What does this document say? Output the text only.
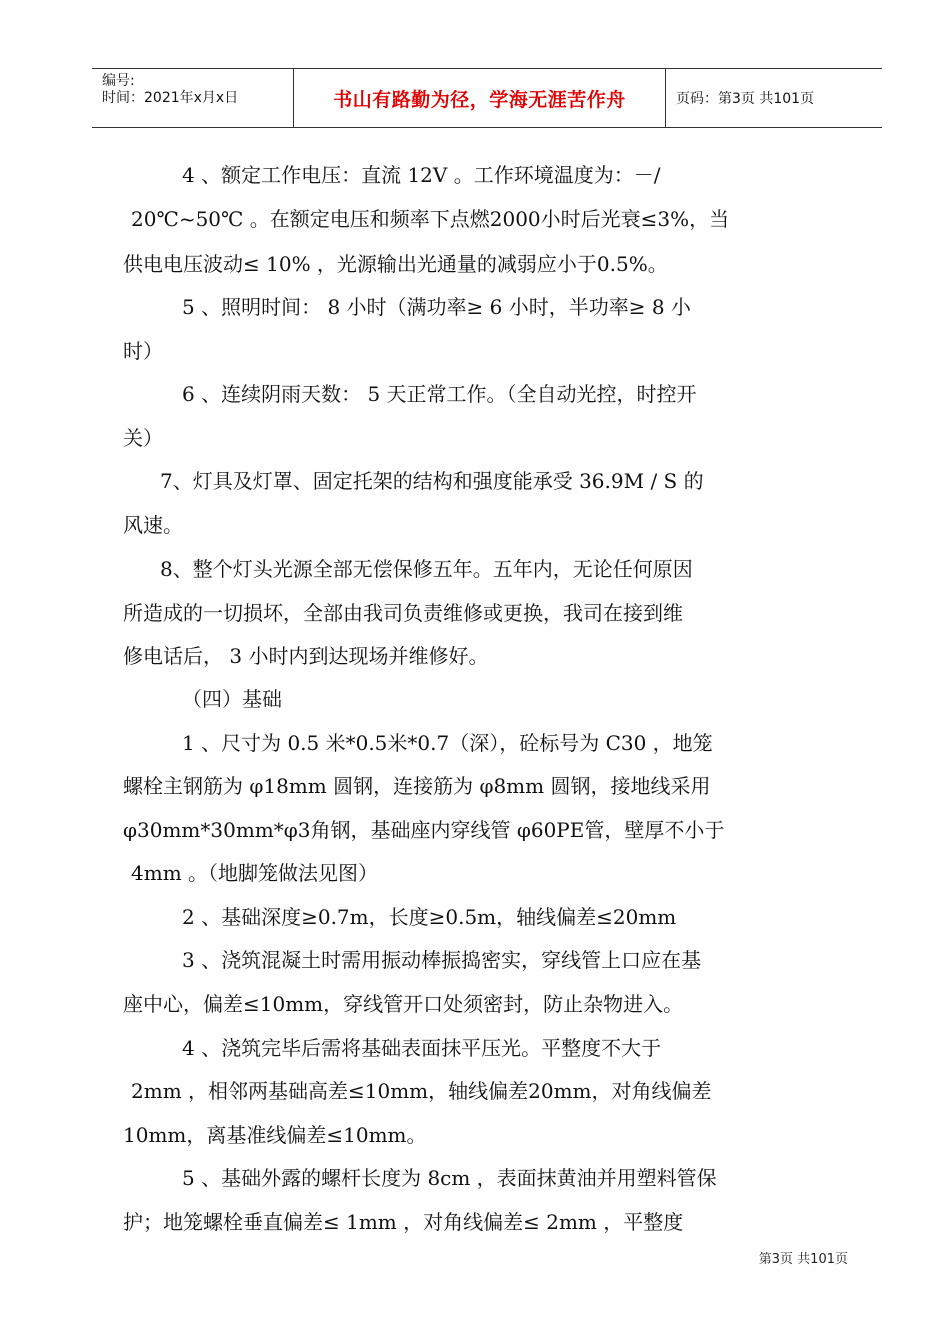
编号:
时间：2021年x月x日	书山有路勤为径，学海无涯苦作舟	页码：第3页 共101页
4 、额定工作电压：直流 12V 。工作环境温度为：－/
20℃~50℃ 。在额定电压和频率下点燃2000小时后光衰≤3%，当
供电电压波动≤ 10% ，光源输出光通量的减弱应小于0.5%。
5 、照明时间： 8 小时（满功率≥ 6 小时，半功率≥ 8 小
时）
6 、连续阴雨天数： 5 天正常工作。（全自动光控，时控开
关）
7、灯具及灯罩、固定托架的结构和强度能承受 36.9M / S 的
风速。
8、整个灯头光源全部无偿保修五年。五年内，无论任何原因
所造成的一切损坏，全部由我司负责维修或更换，我司在接到维
修电话后， 3 小时内到达现场并维修好。
（四）基础
1 、尺寸为 0.5 米*0.5米*0.7（深），砼标号为 C30 ，地笼
螺栓主钢筋为 φ18mm 圆钢，连接筋为 φ8mm 圆钢，接地线采用
φ30mm*30mm*φ3角钢，基础座内穿线管 φ60PE管，壁厚不小于
4mm 。（地脚笼做法见图）
2 、基础深度≥0.7m，长度≥0.5m，轴线偏差≤20mm
3 、浇筑混凝土时需用振动棒振捣密实，穿线管上口应在基
座中心，偏差≤10mm，穿线管开口处须密封，防止杂物进入。
4 、浇筑完毕后需将基础表面抹平压光。平整度不大于
2mm ，相邻两基础高差≤10mm，轴线偏差20mm，对角线偏差
10mm，离基准线偏差≤10mm。
5 、基础外露的螺杆长度为 8cm ，表面抹黄油并用塑料管保
护；地笼螺栓垂直偏差≤ 1mm ，对角线偏差≤ 2mm ，平整度
第3页 共101页
